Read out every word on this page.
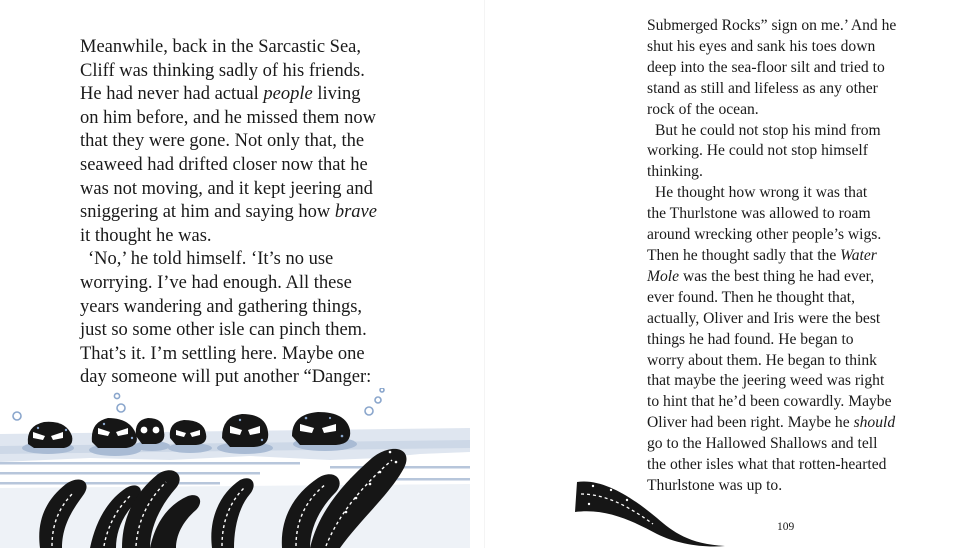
Meanwhile, back in the Sarcastic Sea,
Cliff was thinking sadly of his friends.
He had never had actual people living
on him before, and he missed them now
that they were gone. Not only that, the
seaweed had drifted closer now that he
was not moving, and it kept jeering and
sniggering at him and saying how brave
it thought he was.

‘No,’ he told himself. ‘It’s no use
worrying. I’ve had enough. All these
years wandering and gathering things,
just so some other isle can pinch them.
That’s it. I’m settling here. Maybe one
day someone will put another “Danger:

Submerged Rocks” sign on me.’ And he
shut his eyes and sank his toes down
deep into the sea-floor silt and tried to
stand as still and lifeless as any other
rock of the ocean.

But he could not stop his mind from
working. He could not stop himself
thinking.

He thought how wrong it was that
the Thurlstone was allowed to roam
around wrecking other people’s wigs.
Then he thought sadly that the Water
Mole was the best thing he had ever,
ever found. Then he thought that,
actually, Oliver and Iris were the best
things he had found. He began to
worry about them. He began to think
that maybe the jeering weed was right
to hint that he’d been cowardly. Maybe
Oliver had been right. Maybe he should
go to the Hallowed Shallows and tell
the other isles what that rotten-hearted
Thurlstone was up to.

109
